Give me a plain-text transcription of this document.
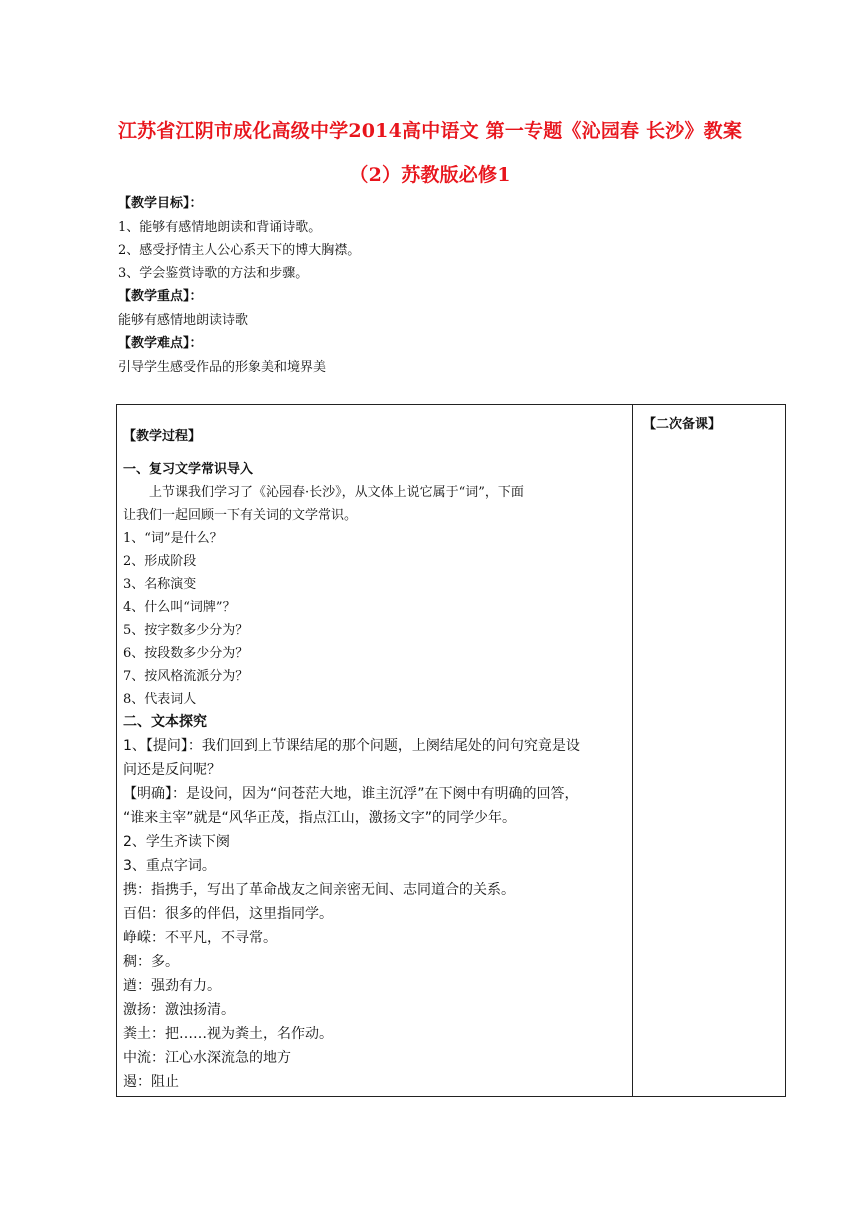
江苏省江阴市成化高级中学2014高中语文 第一专题《沁园春 长沙》教案
（2）苏教版必修1
【教学目标】：
1、能够有感情地朗读和背诵诗歌。
2、感受抒情主人公心系天下的博大胸襟。
3、学会鉴赏诗歌的方法和步骤。
【教学重点】：
能够有感情地朗读诗歌
【教学难点】：
引导学生感受作品的形象美和境界美
【二次备课】
【教学过程】
一、复习文学常识导入
上节课我们学习了《沁园春·长沙》，从文体上说它属于“词”，下面
让我们一起回顾一下有关词的文学常识。
1、“词”是什么？
2、形成阶段
3、名称演变
4、什么叫“词牌”？
5、按字数多少分为？
6、按段数多少分为？
7、按风格流派分为？
8、代表词人
二、文本探究
1、【提问】：我们回到上节课结尾的那个问题，上阕结尾处的问句究竟是设
问还是反问呢？
【明确】：是设问，因为“问苍茫大地，谁主沉浮”在下阕中有明确的回答，
“谁来主宰”就是“风华正茂，指点江山，激扬文字”的同学少年。
2、学生齐读下阕
3、重点字词。
携：指携手，写出了革命战友之间亲密无间、志同道合的关系。
百侣：很多的伴侣，这里指同学。
峥嵘：不平凡，不寻常。
稠：多。
遒：强劲有力。
激扬：激浊扬清。
粪土：把……视为粪土，名作动。
中流：江心水深流急的地方
遏：阻止
